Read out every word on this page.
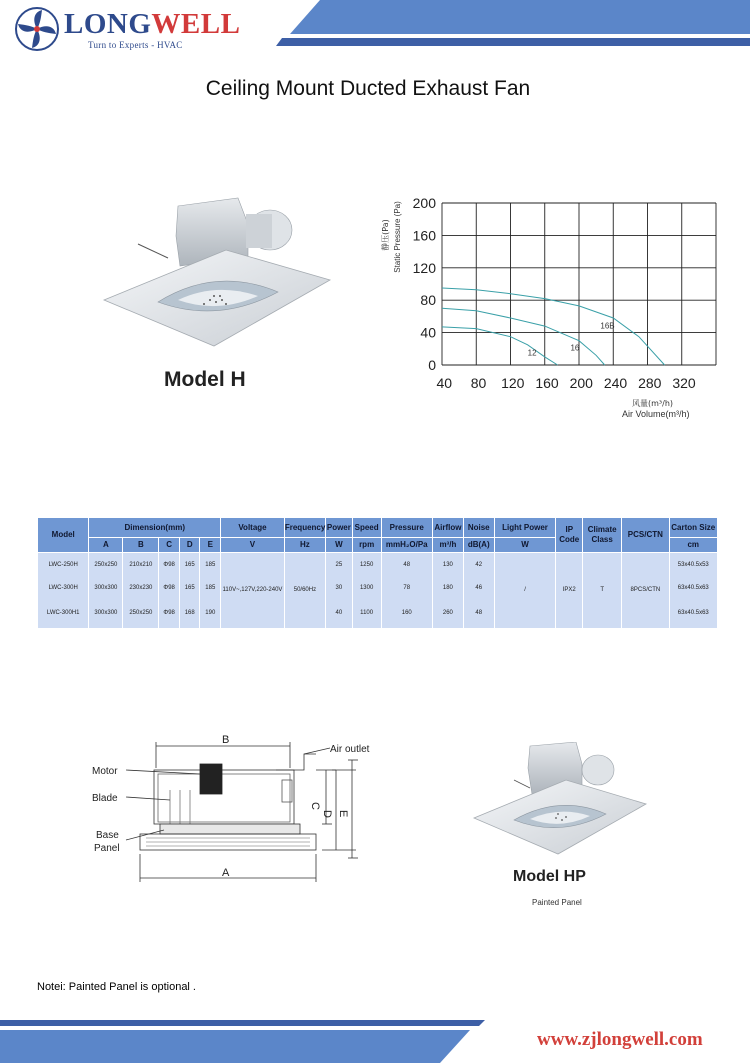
LONGWELL
Turn to Experts - HVAC
Ceiling Mount Ducted Exhaust Fan
Model H
200
160
120
80
40
0
40 80 120 160 200 240 280 320
静压(Pa) Static Pressure (Pa)
风量(m³/h)
Air Volume(m³/h)
12
16
16B
Model	Dimension(mm)					Voltage	Frequency	Power	Speed	Pressure	Airflow	Noise	Light Power	IP Code	Climate Class	PCS/CTN	Carton Size
	A	B	C	D	E	V	Hz	W	rpm	mmH₂O/Pa	m³/h	dB(A)	W				cm
LWC-250H	250x250	210x210	Φ98	165	185	110V~,127V,220-240V	50/60Hz	25	1250	48	130	42	/	IPX2	T	8PCS/CTN	53x40.5x53
LWC-300H	300x300	230x230	Φ98	165	185			30	1300	78	180	46					63x40.5x63
LWC-300H1	300x300	250x250	Φ98	168	190			40	1100	160	260	48					63x40.5x63
Motor
Blade
Base
Panel
Air outlet
B
A
C
D E
Model HP
Painted Panel
Notei: Painted Panel is optional .
www.zjlongwell.com
